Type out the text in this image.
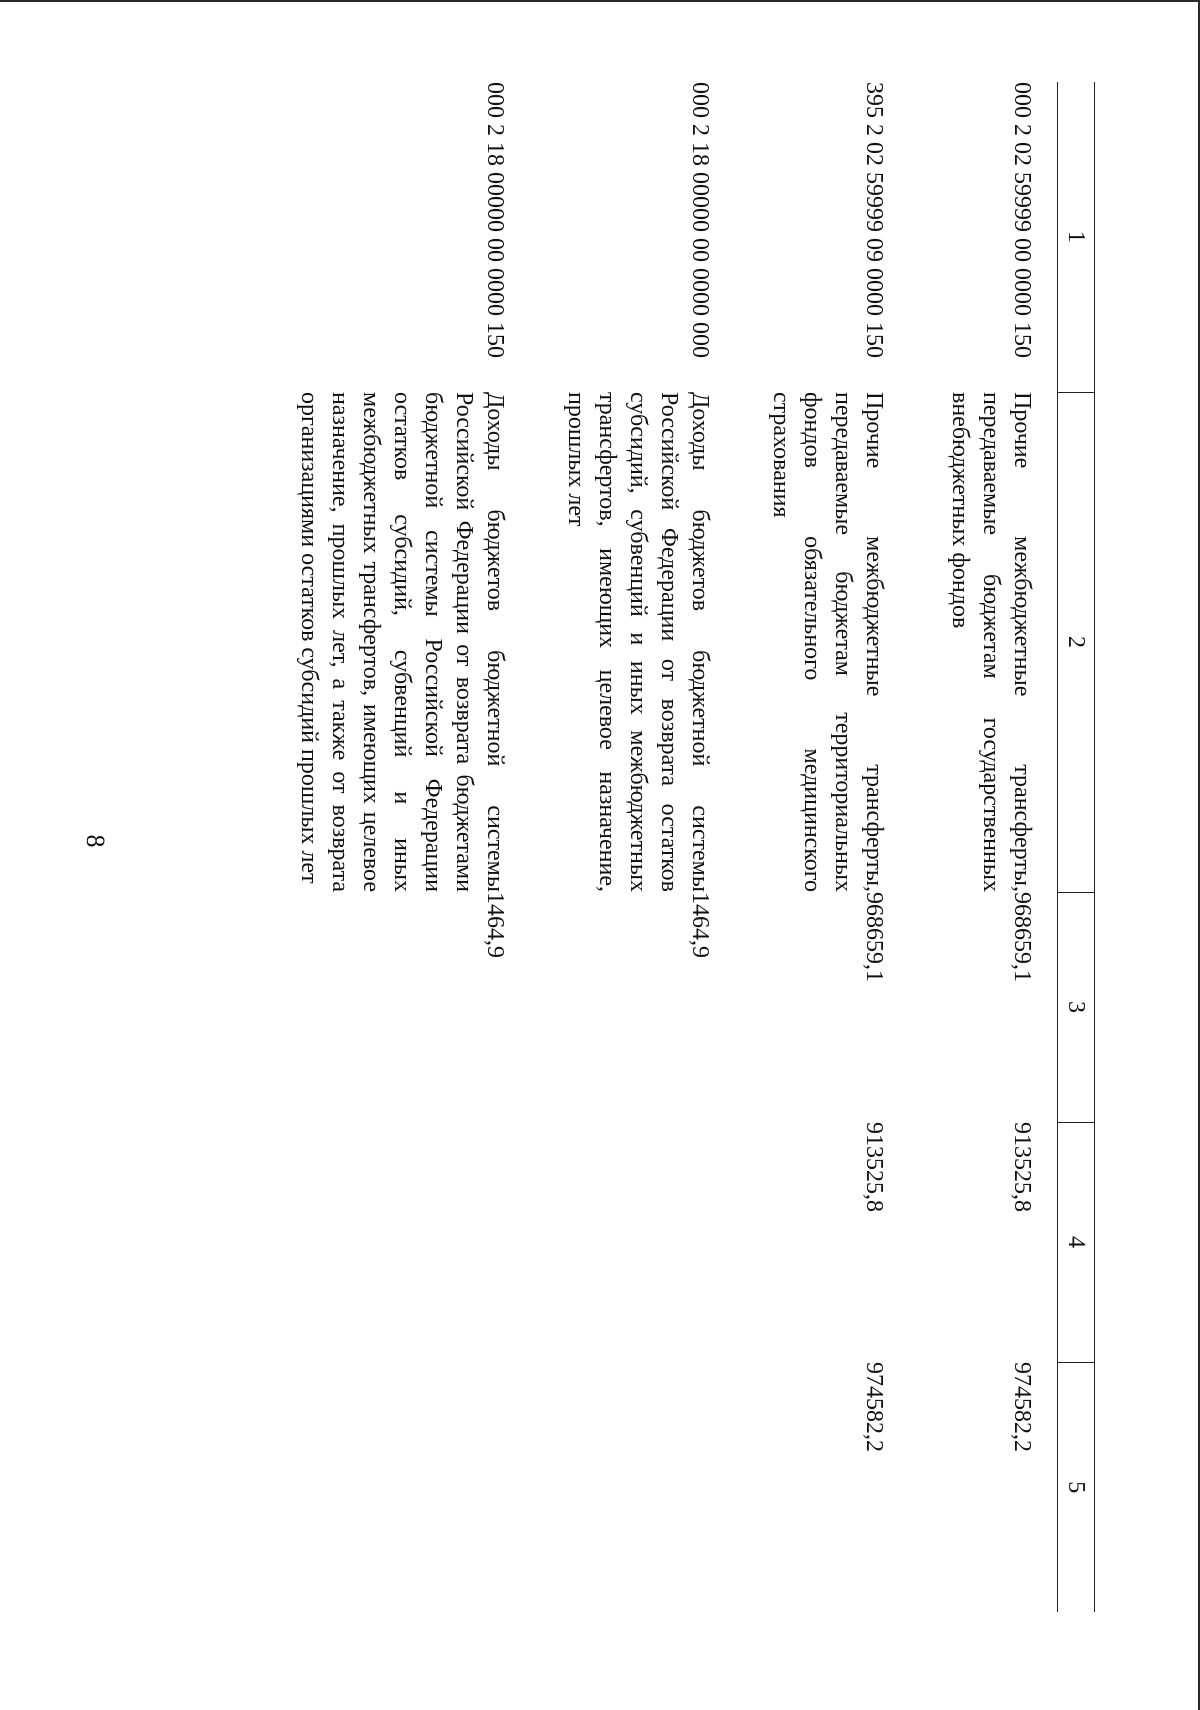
1	2	3	4	5
000 2 02 59999 00 0000 150	Прочие межбюджетные трансферты, передаваемые бюджетам государственных внебюджетных фондов	968659,1	913525,8	974582,2
395 2 02 59999 09 0000 150	Прочие межбюджетные трансферты, передаваемые бюджетам территориальных фондов обязательного медицинского страхования	968659,1	913525,8	974582,2
000 2 18 00000 00 0000 000	Доходы бюджетов бюджетной системы Российской Федерации от возврата остатков субсидий, субвенций и иных межбюджетных трансфертов, имеющих целевое назначение, прошлых лет	1464,9		
000 2 18 00000 00 0000 150	Доходы бюджетов бюджетной системы Российской Федерации от возврата бюджетами бюджетной системы Российской Федерации остатков субсидий, субвенций и иных межбюджетных трансфертов, имеющих целевое назначение, прошлых лет, а также от возврата организациями остатков субсидий прошлых лет	1464,9		
8
